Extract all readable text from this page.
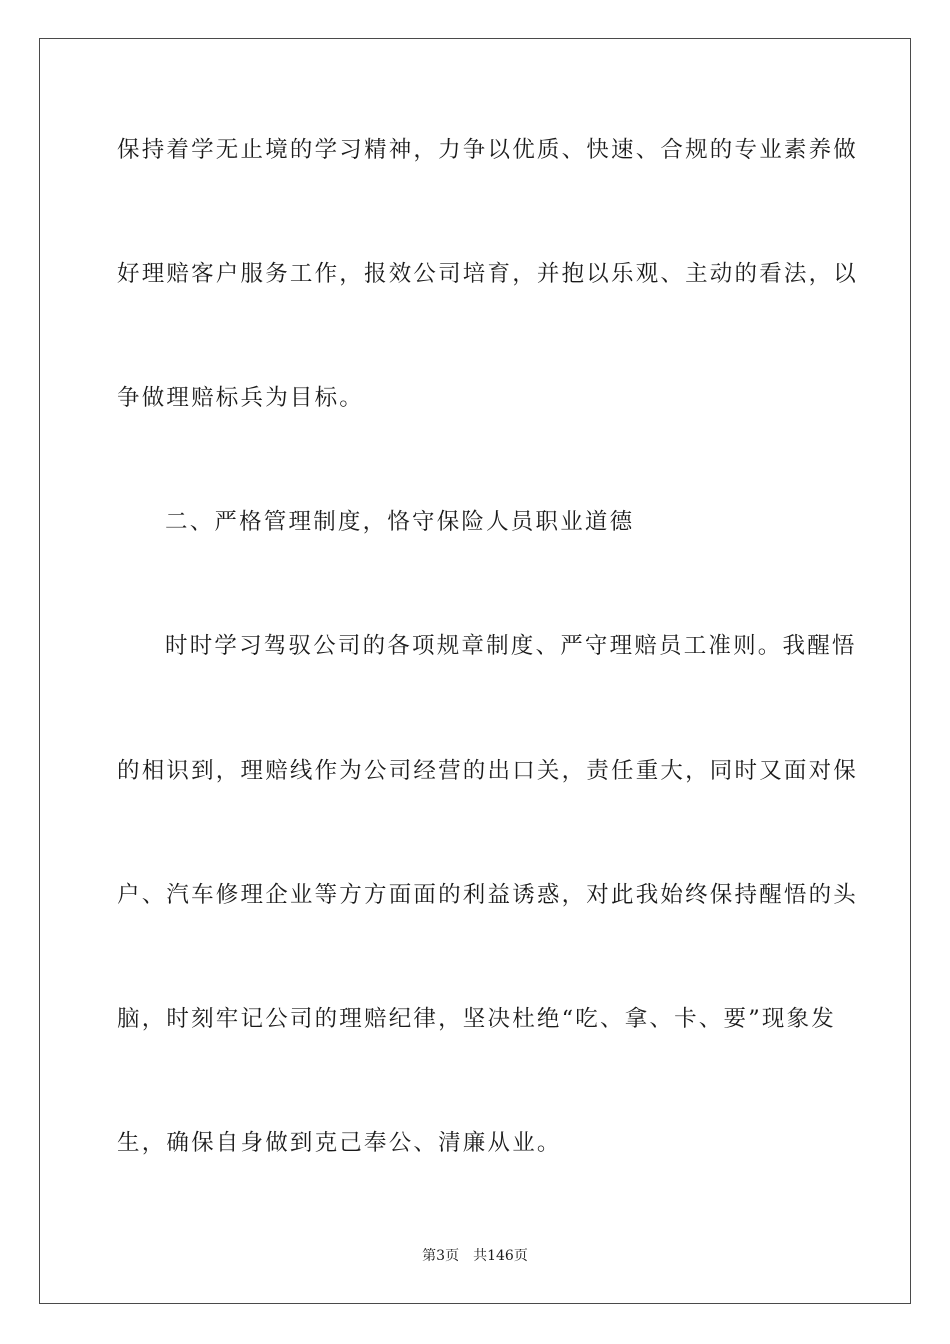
保持着学无止境的学习精神，力争以优质、快速、合规的专业素养做

好理赔客户服务工作，报效公司培育，并抱以乐观、主动的看法，以

争做理赔标兵为目标。

二、严格管理制度，恪守保险人员职业道德

时时学习驾驭公司的各项规章制度、严守理赔员工准则。我醒悟

的相识到，理赔线作为公司经营的出口关，责任重大，同时又面对保

户、汽车修理企业等方方面面的利益诱惑，对此我始终保持醒悟的头

脑，时刻牢记公司的理赔纪律，坚决杜绝“吃、拿、卡、要”现象发

生，确保自身做到克己奉公、清廉从业。

第3页 共146页
